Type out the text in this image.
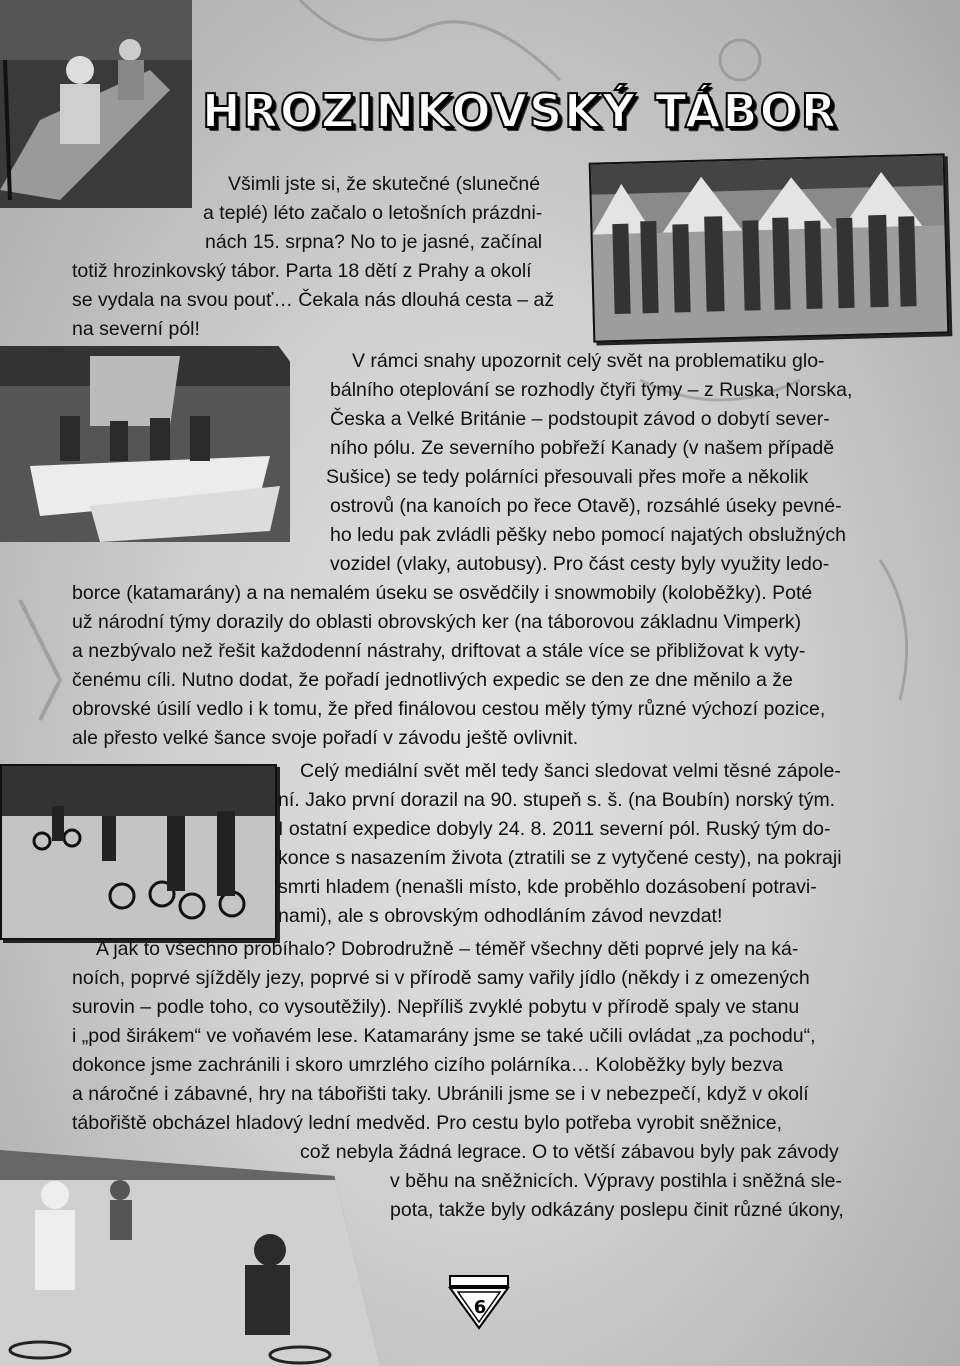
HROZINKOVSKÝ TÁBOR
Všimli jste si, že skutečné (slunečné
a teplé) léto začalo o letošních prázdni-
nách 15. srpna? No to je jasné, začínal
totiž hrozinkovský tábor. Parta 18 dětí z Prahy a okolí
se vydala na svou pouť… Čekala nás dlouhá cesta – až
na severní pól!
V rámci snahy upozornit celý svět na problematiku glo-
bálního oteplování se rozhodly čtyři týmy – z Ruska, Norska,
Česka a Velké Británie – podstoupit závod o dobytí sever-
ního pólu. Ze severního pobřeží Kanady (v našem případě
Sušice) se tedy polárníci přesouvali přes moře a několik
ostrovů (na kanoích po řece Otavě), rozsáhlé úseky pevné-
ho ledu pak zvládli pěšky nebo pomocí najatých obslužných
vozidel (vlaky, autobusy). Pro část cesty byly využity ledo-
borce (katamarány) a na nemalém úseku se osvědčily i snowmobily (koloběžky). Poté
už národní týmy dorazily do oblasti obrovských ker (na táborovou základnu Vimperk)
a nezbývalo než řešit každodenní nástrahy, driftovat a stále více se přibližovat k vyty-
čenému cíli. Nutno dodat, že pořadí jednotlivých expedic se den ze dne měnilo a že
obrovské úsilí vedlo i k tomu, že před finálovou cestou měly týmy různé výchozí pozice,
ale přesto velké šance svoje pořadí v závodu ještě ovlivnit.
Celý mediální svět měl tedy šanci sledovat velmi těsné zápole-
ní. Jako první dorazil na 90. stupeň s. š. (na Boubín) norský tým.
I ostatní expedice dobyly 24. 8. 2011 severní pól. Ruský tým do-
konce s nasazením života (ztratili se z vytyčené cesty), na pokraji
smrti hladem (nenašli místo, kde proběhlo dozásobení potravi-
nami), ale s obrovským odhodláním závod nevzdat!
A jak to všechno probíhalo? Dobrodružně – téměř všechny děti poprvé jely na ká-
noích, poprvé sjížděly jezy, poprvé si v přírodě samy vařily jídlo (někdy i z omezených
surovin – podle toho, co vysoutěžily). Nepříliš zvyklé pobytu v přírodě spaly ve stanu
i „pod širákem“ ve voňavém lese. Katamarány jsme se také učili ovládat „za pochodu“,
dokonce jsme zachránili i skoro umrzlého cizího polárníka… Koloběžky byly bezva
a náročné i zábavné, hry na tábořišti taky. Ubránili jsme se i v nebezpečí, když v okolí
tábořiště obcházel hladový lední medvěd. Pro cestu bylo potřeba vyrobit sněžnice,
což nebyla žádná legrace. O to větší zábavou byly pak závody
v běhu na sněžnicích. Výpravy postihla i sněžná sle-
pota, takže byly odkázány poslepu činit různé úkony,
6
